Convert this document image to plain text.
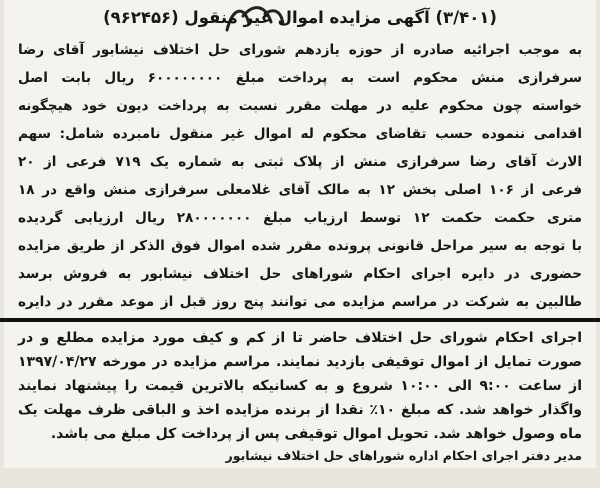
(۳/۴۰۱) آگهی مزایده اموال غیر منقول (۹۶۲۴۵۶)
به موجب اجرائیه صادره از حوزه یازدهم شورای حل اختلاف نیشابور آقای رضا
سرفرازی منش محکوم است به پرداخت مبلغ ۶۰۰۰۰۰۰۰۰ ریال بابت اصل
خواسته چون محکوم علیه در مهلت مقرر نسبت به پرداخت دیون خود هیچگونه
اقدامی ننموده حسب تقاضای محکوم له اموال غیر منقول نامبرده شامل: سهم
الارث آقای رضا سرفرازی منش از پلاک ثبتی به شماره یک ۷۱۹ فرعی از ۲۰
فرعی از ۱۰۶ اصلی بخش ۱۲ به مالک آقای غلامعلی سرفرازی منش واقع در ۱۸
متری حکمت حکمت ۱۲ توسط ارزیاب مبلغ ۲۸۰۰۰۰۰۰۰ ریال ارزیابی گردیده
با توجه به سیر مراحل قانونی پرونده مقرر شده اموال فوق الذکر از طریق مزایده
حضوری در دایره اجرای احکام شوراهای حل اختلاف نیشابور به فروش برسد
طالبین به شرکت در مراسم مزایده می توانند پنج روز قبل از موعد مقرر در دایره
اجرای احکام شورای حل اختلاف حاضر تا از کم و کیف مورد مزایده مطلع و در
صورت تمایل از اموال توقیفی بازدید نمایند. مراسم مزایده در مورخه ۱۳۹۷/۰۴/۲۷
از ساعت ۹:۰۰ الی ۱۰:۰۰ شروع و به کسانیکه بالاترین قیمت را پیشنهاد نمایند
واگذار خواهد شد. که مبلغ ۱۰٪ نقدا از برنده مزایده اخذ و الباقی ظرف مهلت یک
ماه وصول خواهد شد. تحویل اموال توقیفی پس از پرداخت کل مبلغ می باشد.
مدیر دفتر اجرای احکام اداره شوراهای حل اختلاف نیشابور
